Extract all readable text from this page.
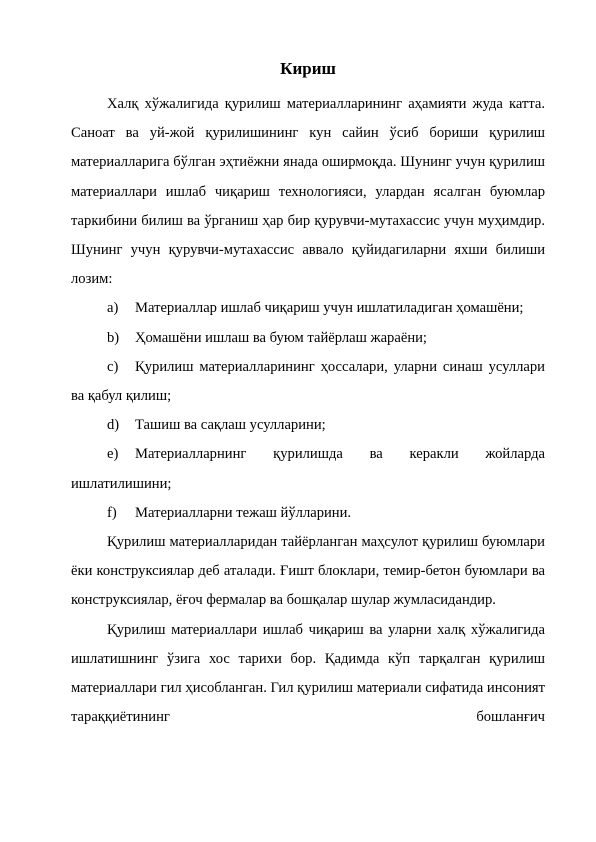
Кириш

Халқ хўжалигида қурилиш материалларининг аҳамияти жуда катта. Саноат ва уй-жой қурилишининг кун сайин ўсиб бориши қурилиш материалларига бўлган эҳтиёжни янада оширмоқда. Шунинг учун қурилиш материаллари ишлаб чиқариш технологияси, улардан ясалган буюмлар таркибини билиш ва ўрганиш ҳар бир қурувчи-мутахассис учун муҳимдир. Шунинг учун қурувчи-мутахассис аввало қуйидагиларни яхши билиши лозим:

a) Материаллар ишлаб чиқариш учун ишлатиладиган ҳомашёни;

b) Ҳомашёни ишлаш ва буюм тайёрлаш жараёни;

c) Қурилиш материалларининг ҳоссалари, уларни синаш усуллари ва қабул қилиш;

d) Ташиш ва сақлаш усулларини;

e) Материалларнинг қурилишда ва керакли жойларда ишлатилишини;

f) Материалларни тежаш йўлларини.

Қурилиш материалларидан тайёрланган маҳсулот қурилиш буюмлари ёки конструксиялар деб аталади. Ғишт блоклари, темир-бетон буюмлари ва конструксиялар, ёғоч фермалар ва бошқалар шулар жумласидандир.

Қурилиш материаллари ишлаб чиқариш ва уларни халқ хўжалигида ишлатишнинг ўзига хос тарихи бор. Қадимда кўп тарқалган қурилиш материаллари гил ҳисобланган. Гил қурилиш материали сифатида инсоният тараққиётининг бошланғич
